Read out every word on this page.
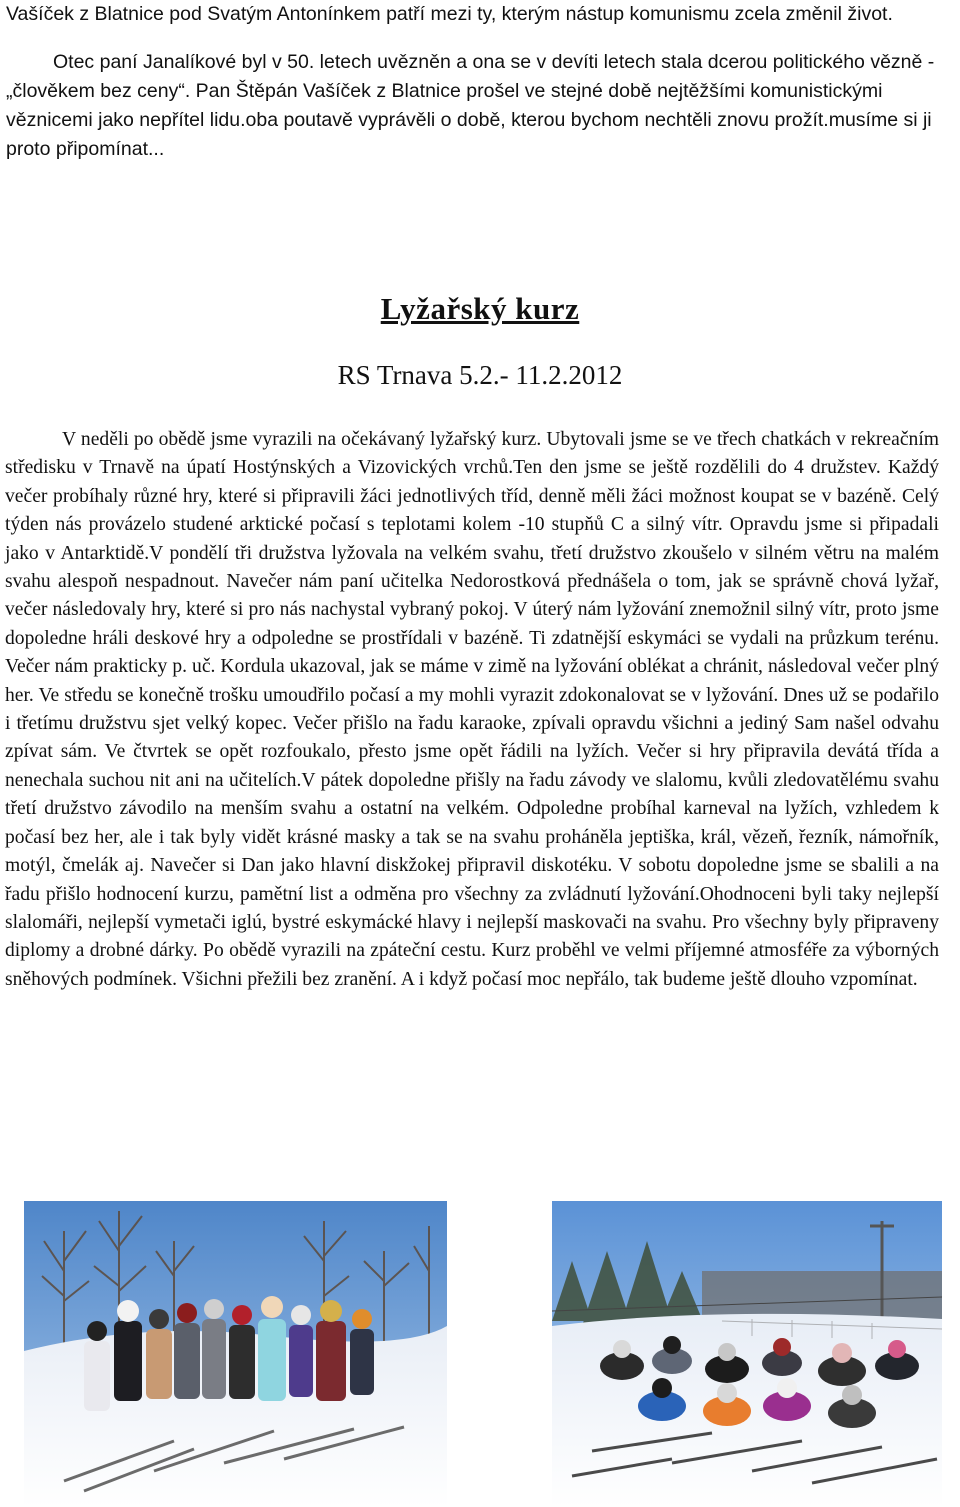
Vašíček z Blatnice pod Svatým Antonínkem patří mezi ty, kterým nástup komunismu zcela změnil život.

Otec paní Janalíkové byl v 50. letech uvězněn a ona se v devíti letech stala dcerou politického vězně - „člověkem bez ceny“. Pan Štěpán Vašíček z Blatnice prošel ve stejné době nejtěžšími komunistickými věznicemi jako nepřítel lidu.oba poutavě vyprávěli o době, kterou bychom nechtěli znovu prožít.musíme si ji proto připomínat...

Lyžařský kurz
RS Trnava 5.2.- 11.2.2012

V neděli po obědě jsme vyrazili na očekávaný lyžařský kurz. Ubytovali jsme se ve třech chatkách v rekreačním středisku v Trnavě na úpatí Hostýnských a Vizovických vrchů.Ten den jsme se ještě rozdělili do 4 družstev. Každý večer probíhaly různé hry, které si připravili žáci jednotlivých tříd, denně měli žáci možnost koupat se v bazéně. Celý týden nás provázelo studené arktické počasí s teplotami kolem -10 stupňů C a silný vítr. Opravdu jsme si připadali jako v Antarktidě.V pondělí tři družstva lyžovala na velkém svahu, třetí družstvo zkoušelo v silném větru na malém svahu alespoň nespadnout. Navečer nám paní učitelka Nedorostková přednášela o tom, jak se správně chová lyžař, večer následovaly hry, které si pro nás nachystal vybraný pokoj. V úterý nám lyžování znemožnil silný vítr, proto jsme dopoledne hráli deskové hry a odpoledne se prostřídali v bazéně. Ti zdatnější eskymáci se vydali na průzkum terénu. Večer nám prakticky p. uč. Kordula ukazoval, jak se máme v zimě na lyžování oblékat a chránit, následoval večer plný her. Ve středu se konečně trošku umoudřilo počasí a my mohli vyrazit zdokonalovat se v lyžování. Dnes už se podařilo i třetímu družstvu sjet velký kopec. Večer přišlo na řadu karaoke, zpívali opravdu všichni a jediný Sam našel odvahu zpívat sám. Ve čtvrtek se opět rozfoukalo, přesto jsme opět řádili na lyžích. Večer si hry připravila devátá třída a nenechala suchou nit ani na učitelích.V pátek dopoledne přišly na řadu závody ve slalomu, kvůli zledovatělému svahu třetí družstvo závodilo na menším svahu a ostatní na velkém. Odpoledne probíhal karneval na lyžích, vzhledem k počasí bez her, ale i tak byly vidět krásné masky a tak se na svahu proháněla jeptiška, král, vězeň, řezník, námořník, motýl, čmelák aj. Navečer si Dan jako hlavní diskžokej připravil diskotéku. V sobotu dopoledne jsme se sbalili a na řadu přišlo hodnocení kurzu, pamětní list a odměna pro všechny za zvládnutí lyžování.Ohodnoceni byli taky nejlepší slalomáři, nejlepší vymetači iglú, bystré eskymácké hlavy i nejlepší maskovači na svahu. Pro všechny byly připraveny diplomy a drobné dárky. Po obědě vyrazili na zpáteční cestu. Kurz proběhl ve velmi příjemné atmosféře za výborných sněhových podmínek. Všichni přežili bez zranění. A i když počasí moc nepřálo, tak budeme ještě dlouho vzpomínat.
